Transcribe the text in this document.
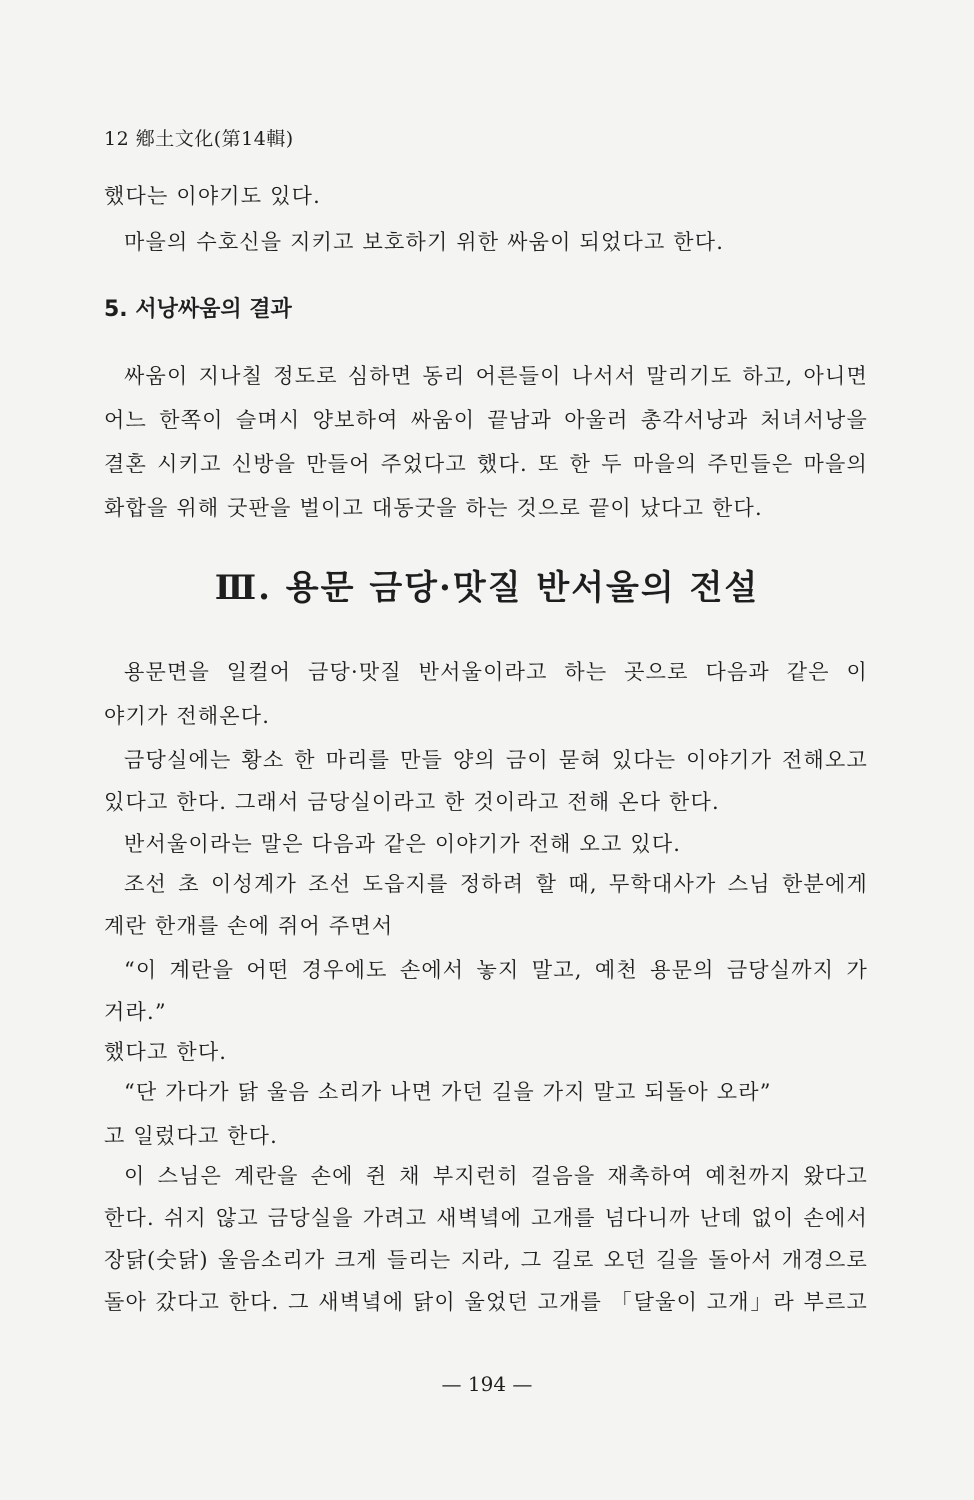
12 鄕土文化(第14輯)
했다는 이야기도 있다.
마을의 수호신을 지키고 보호하기 위한 싸움이 되었다고 한다.
5. 서낭싸움의 결과
싸움이 지나칠 정도로 심하면 동리 어른들이 나서서 말리기도 하고, 아니면
어느 한쪽이 슬며시 양보하여 싸움이 끝남과 아울러 총각서낭과 처녀서낭을
결혼 시키고 신방을 만들어 주었다고 했다. 또 한 두 마을의 주민들은 마을의
화합을 위해 굿판을 벌이고 대동굿을 하는 것으로 끝이 났다고 한다.
Ⅲ. 용문 금당·맛질 반서울의 전설
용문면을 일컬어 금당·맛질 반서울이라고 하는 곳으로 다음과 같은 이
야기가 전해온다.
금당실에는 황소 한 마리를 만들 양의 금이 묻혀 있다는 이야기가 전해오고
있다고 한다. 그래서 금당실이라고 한 것이라고 전해 온다 한다.
반서울이라는 말은 다음과 같은 이야기가 전해 오고 있다.
조선 초 이성계가 조선 도읍지를 정하려 할 때, 무학대사가 스님 한분에게
계란 한개를 손에 쥐어 주면서
“이 계란을 어떤 경우에도 손에서 놓지 말고, 예천 용문의 금당실까지 가
거라.”
했다고 한다.
“단 가다가 닭 울음 소리가 나면 가던 길을 가지 말고 되돌아 오라”
고 일렀다고 한다.
이 스님은 계란을 손에 쥔 채 부지런히 걸음을 재촉하여 예천까지 왔다고
한다. 쉬지 않고 금당실을 가려고 새벽녘에 고개를 넘다니까 난데 없이 손에서
장닭(숫닭) 울음소리가 크게 들리는 지라, 그 길로 오던 길을 돌아서 개경으로
돌아 갔다고 한다. 그 새벽녘에 닭이 울었던 고개를 「달울이 고개」라 부르고
— 194 —
